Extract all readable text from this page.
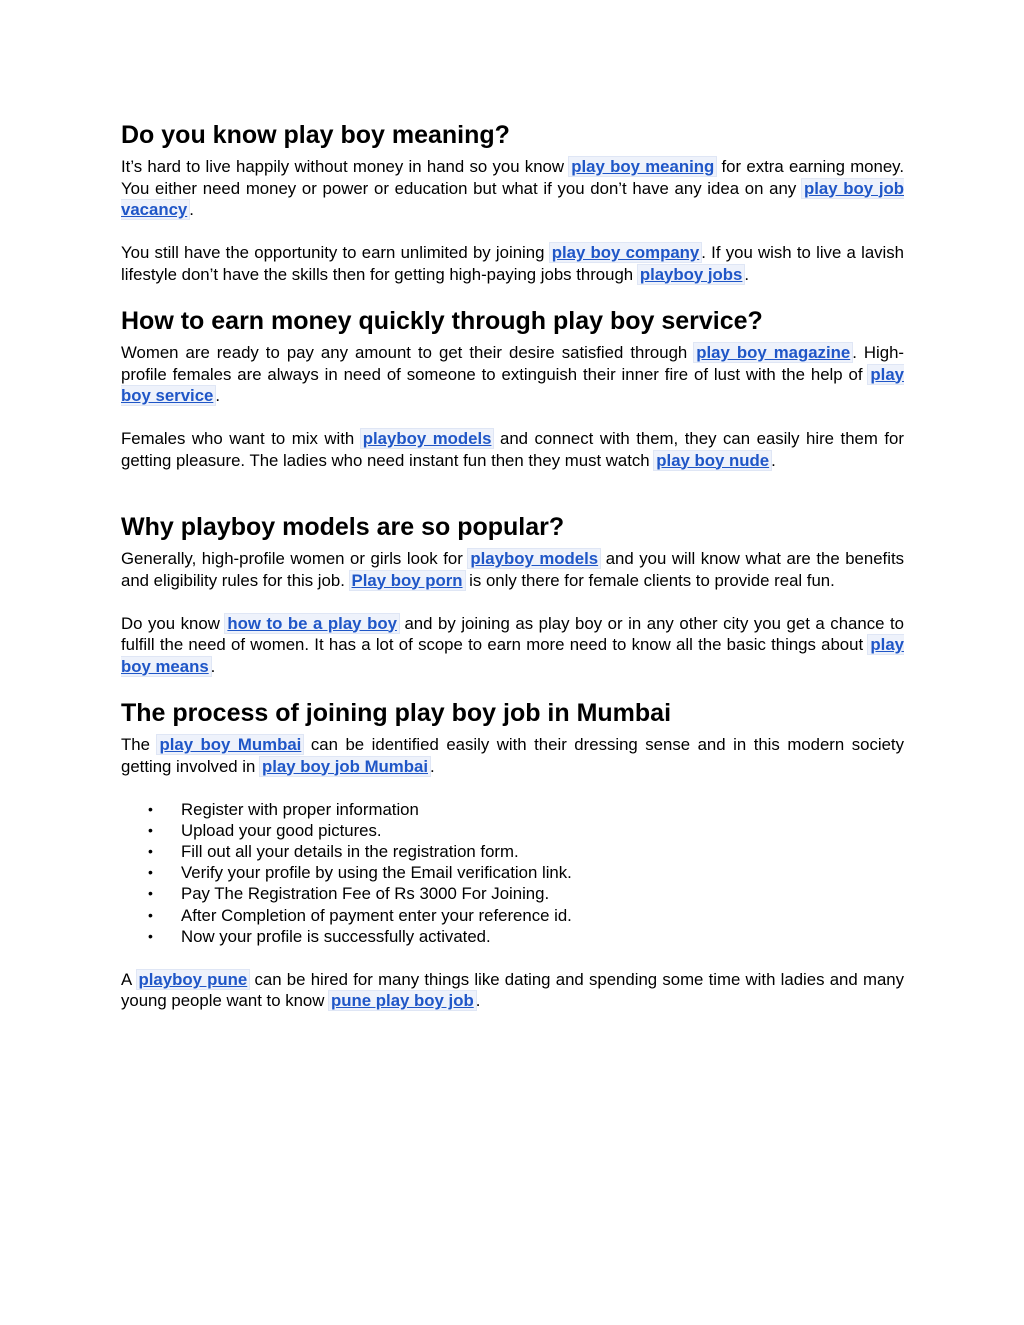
Do you know play boy meaning?

It’s hard to live happily without money in hand so you know play boy meaning for extra earning money. You either need money or power or education but what if you don’t have any idea on any play boy job vacancy .

You still have the opportunity to earn unlimited by joining play boy company . If you wish to live a lavish lifestyle don’t have the skills then for getting high-paying jobs through playboy jobs .

How to earn money quickly through play boy service?

Women are ready to pay any amount to get their desire satisfied through play boy magazine . High-profile females are always in need of someone to extinguish their inner fire of lust with the help of play boy service .

Females who want to mix with playboy models and connect with them, they can easily hire them for getting pleasure. The ladies who need instant fun then they must watch play boy nude .

Why playboy models are so popular?

Generally, high-profile women or girls look for playboy models and you will know what are the benefits and eligibility rules for this job. Play boy porn is only there for female clients to provide real fun.

Do you know how to be a play boy and by joining as play boy or in any other city you get a chance to fulfill the need of women. It has a lot of scope to earn more need to know all the basic things about play boy means .

The process of joining play boy job in Mumbai

The play boy Mumbai can be identified easily with their dressing sense and in this modern society getting involved in play boy job Mumbai .

• Register with proper information
• Upload your good pictures.
• Fill out all your details in the registration form.
• Verify your profile by using the Email verification link.
• Pay The Registration Fee of Rs 3000 For Joining.
• After Completion of payment enter your reference id.
• Now your profile is successfully activated.

A playboy pune can be hired for many things like dating and spending some time with ladies and many young people want to know pune play boy job .
